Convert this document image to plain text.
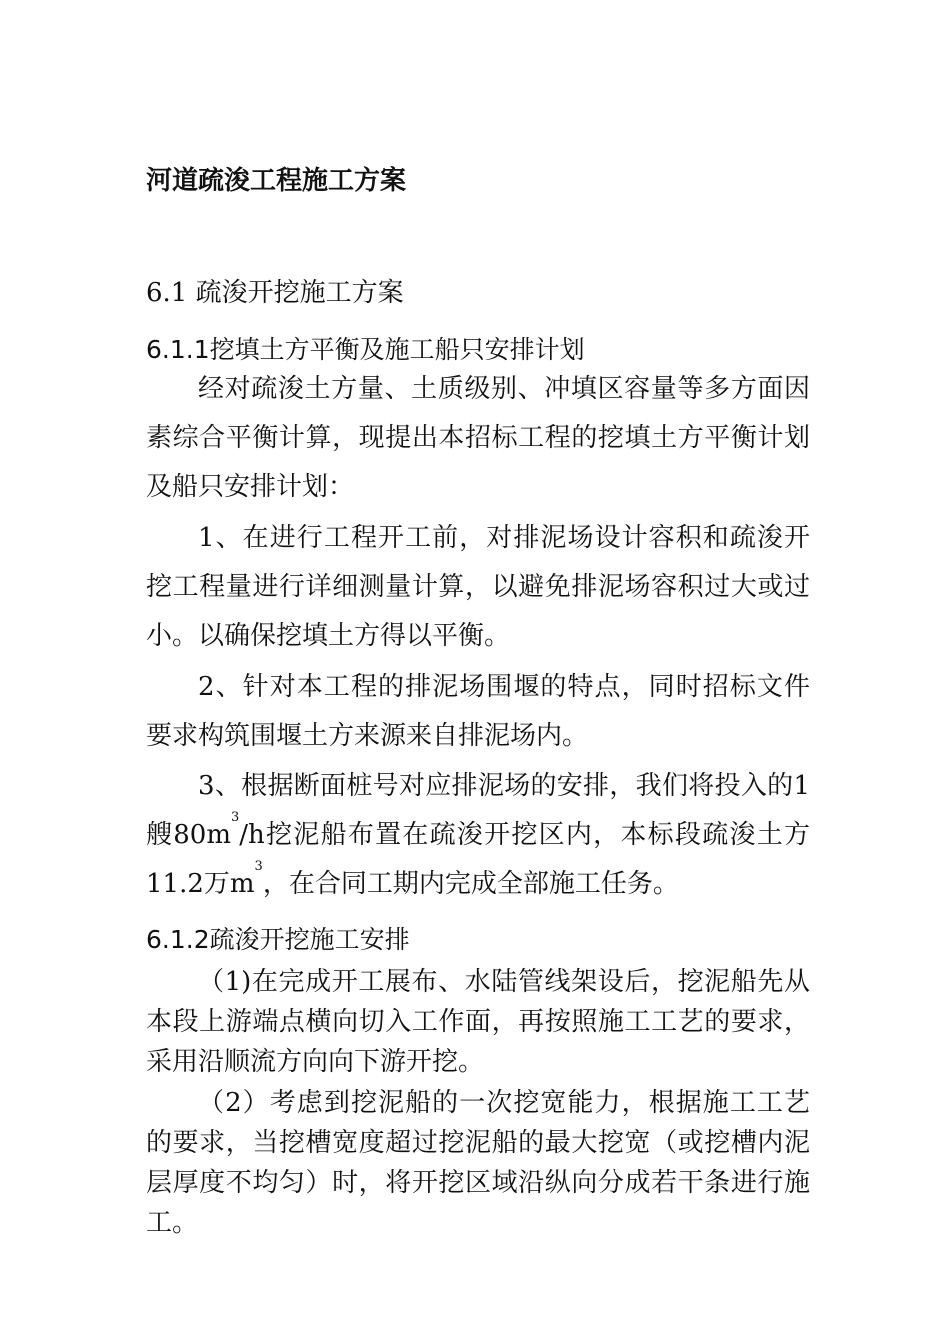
河道疏浚工程施工方案
6.1 疏浚开挖施工方案
6.1.1挖填土方平衡及施工船只安排计划
经对疏浚土方量、土质级别、冲填区容量等多方面因素综合平衡计算，现提出本招标工程的挖填土方平衡计划及船只安排计划：
1、在进行工程开工前，对排泥场设计容积和疏浚开挖工程量进行详细测量计算，以避免排泥场容积过大或过小。以确保挖填土方得以平衡。
2、针对本工程的排泥场围堰的特点，同时招标文件要求构筑围堰土方来源来自排泥场内。
3、根据断面桩号对应排泥场的安排，我们将投入的1艘$80m^3/h$挖泥船布置在疏浚开挖区内，本标段疏浚土方11.2万$m^3$，在合同工期内完成全部施工任务。
6.1.2疏浚开挖施工安排
（1)在完成开工展布、水陆管线架设后，挖泥船先从本段上游端点横向切入工作面，再按照施工工艺的要求，采用沿顺流方向向下游开挖。
（2）考虑到挖泥船的一次挖宽能力，根据施工工艺的要求，当挖槽宽度超过挖泥船的最大挖宽（或挖槽内泥层厚度不均匀）时，将开挖区域沿纵向分成若干条进行施工。
